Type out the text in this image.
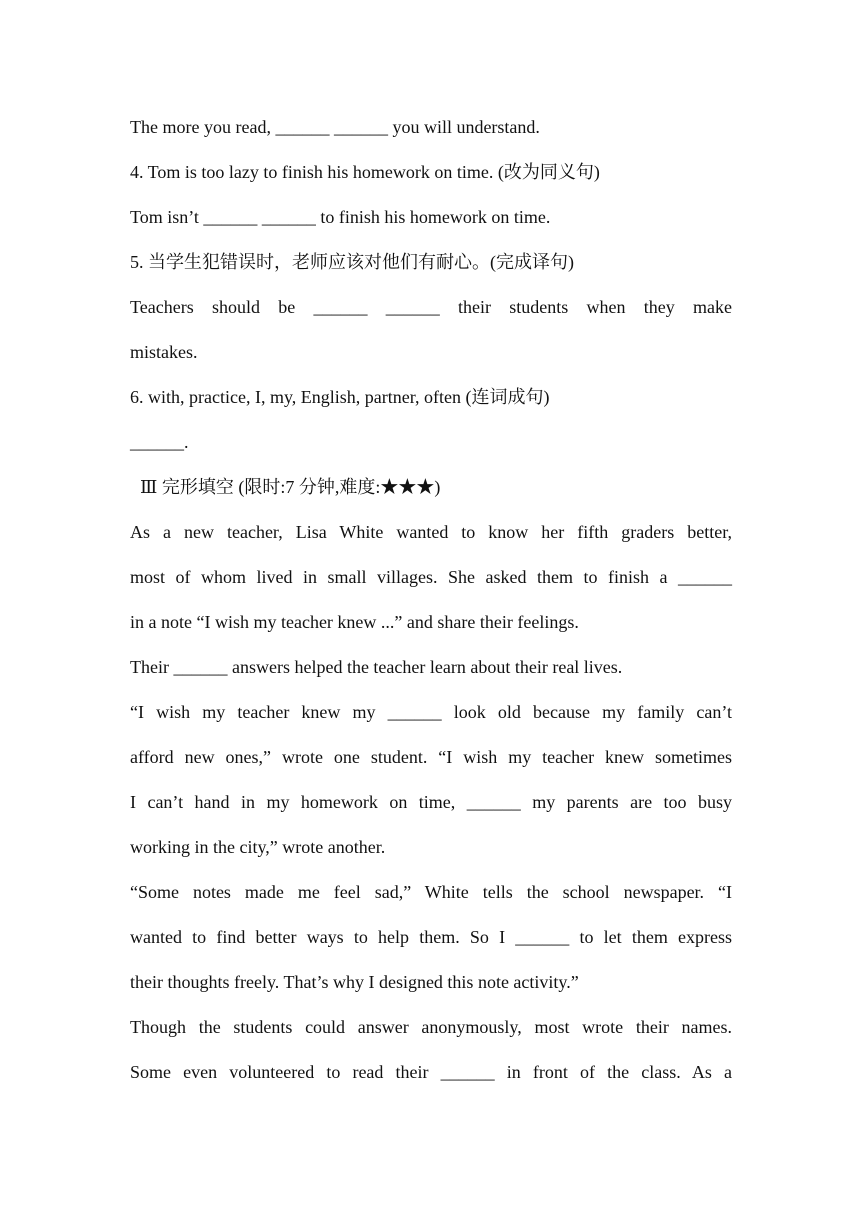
The more you read, ______ ______ you will understand.

4. Tom is too lazy to finish his homework on time. (改为同义句)

Tom isn’t ______ ______ to finish his homework on time.

5. 当学生犯错误时，老师应该对他们有耐心。(完成译句)

Teachers should be ______ ______ their students when they make

mistakes.

6. with, practice, I, my, English, partner, often (连词成句)

______.

Ⅲ 完形填空 (限时:7 分钟,难度:★★★)

As a new teacher, Lisa White wanted to know her fifth graders better,

most of whom lived in small villages. She asked them to finish a ______

in a note “I wish my teacher knew ...” and share their feelings.

Their ______ answers helped the teacher learn about their real lives.

“I wish my teacher knew my ______ look old because my family can’t

afford new ones,” wrote one student. “I wish my teacher knew sometimes

I can’t hand in my homework on time, ______ my parents are too busy

working in the city,” wrote another.

“Some notes made me feel sad,” White tells the school newspaper. “I

wanted to find better ways to help them. So I ______ to let them express

their thoughts freely. That’s why I designed this note activity.”

Though the students could answer anonymously, most wrote their names.

Some even volunteered to read their ______ in front of the class. As a
